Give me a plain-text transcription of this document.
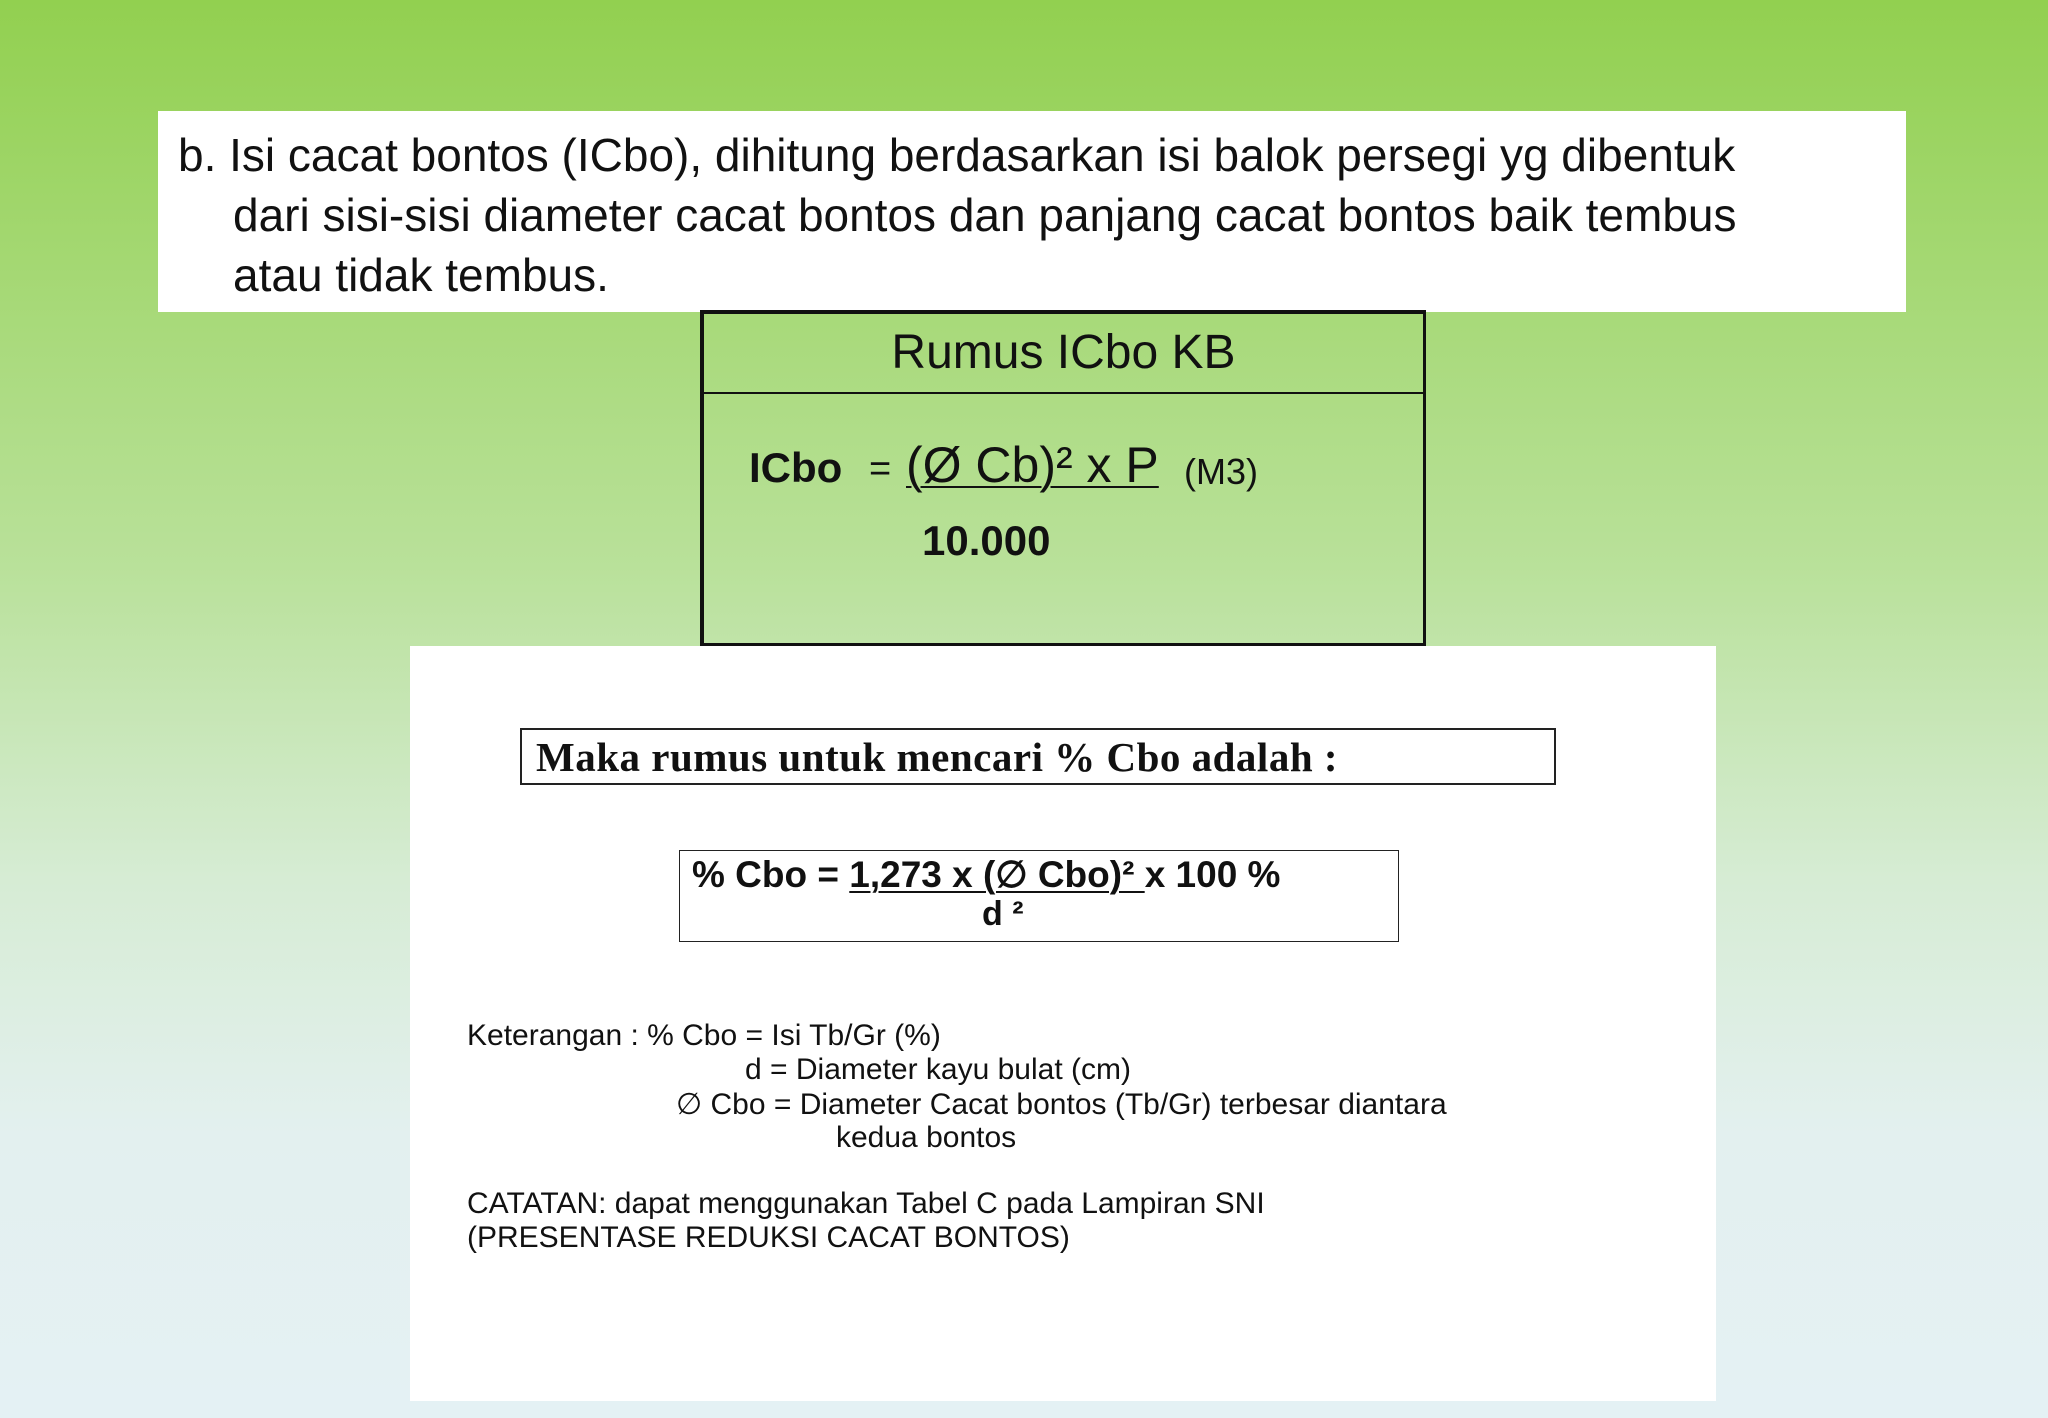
b. Isi cacat bontos (ICbo), dihitung berdasarkan isi balok persegi yg dibentuk
dari sisi-sisi diameter cacat bontos dan panjang cacat bontos baik tembus
atau tidak tembus.
Rumus ICbo KB
ICbo = (Ø Cb)² x P (M3)
10.000
Maka rumus untuk mencari % Cbo adalah :
% Cbo = 1,273 x (∅ Cbo)² x 100 %
d ²
Keterangan : % Cbo = Isi Tb/Gr (%)
d = Diameter kayu bulat (cm)
∅ Cbo = Diameter Cacat bontos (Tb/Gr) terbesar diantara
kedua bontos
CATATAN: dapat menggunakan Tabel C pada Lampiran SNI
(PRESENTASE REDUKSI CACAT BONTOS)
